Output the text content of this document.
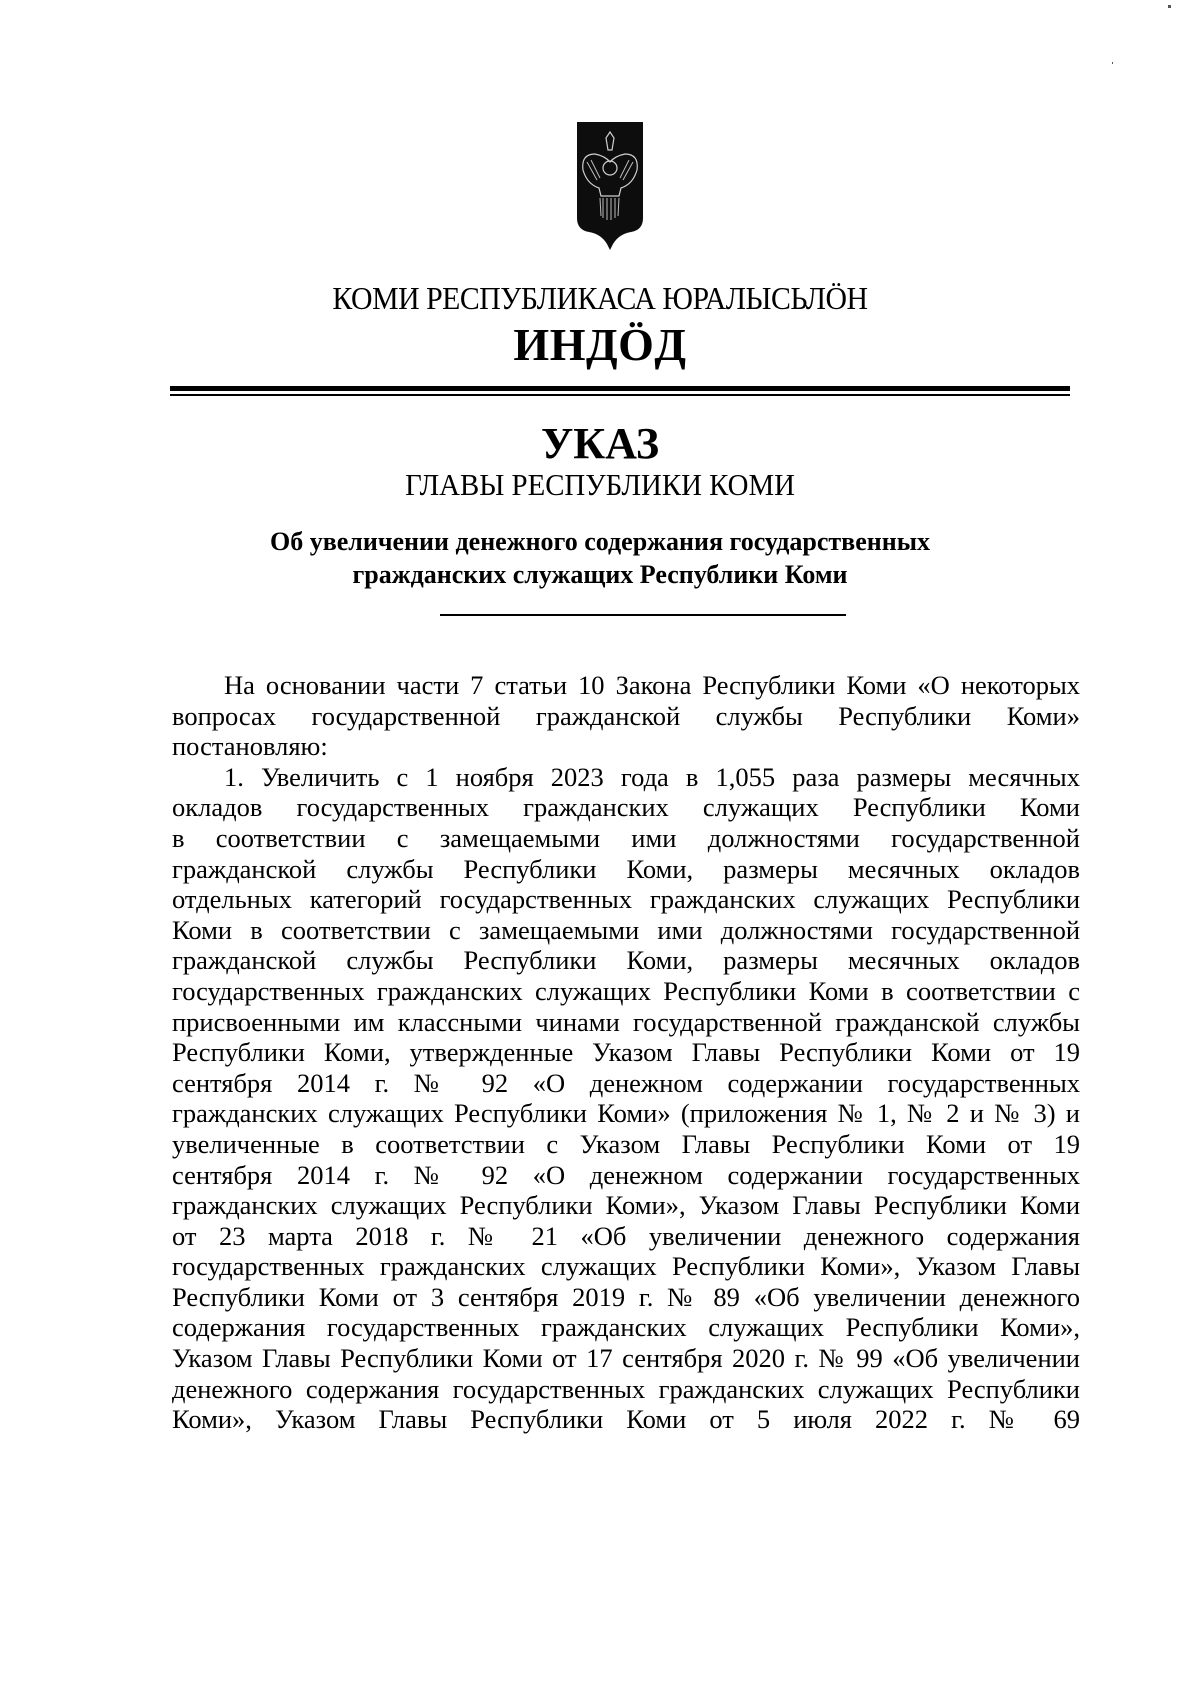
КОМИ РЕСПУБЛИКАСА ЮРАЛЫСЬЛӦН
ИНДӦД
УКАЗ
ГЛАВЫ РЕСПУБЛИКИ КОМИ
Об увеличении денежного содержания государственных
гражданских служащих Республики Коми
На основании части 7 статьи 10 Закона Республики Коми «О некоторых
вопросах государственной гражданской службы Республики Коми»
постановляю:
1. Увеличить с 1 ноября 2023 года в 1,055 раза размеры месячных
окладов государственных гражданских служащих Республики Коми
в соответствии с замещаемыми ими должностями государственной
гражданской службы Республики Коми, размеры месячных окладов
отдельных категорий государственных гражданских служащих Республики
Коми в соответствии с замещаемыми ими должностями государственной
гражданской службы Республики Коми, размеры месячных окладов
государственных гражданских служащих Республики Коми в соответствии с
присвоенными им классными чинами государственной гражданской службы
Республики Коми, утвержденные Указом Главы Республики Коми от 19
сентября 2014 г. № 92 «О денежном содержании государственных
гражданских служащих Республики Коми» (приложения № 1, № 2 и № 3) и
увеличенные в соответствии с Указом Главы Республики Коми от 19
сентября 2014 г. № 92 «О денежном содержании государственных
гражданских служащих Республики Коми», Указом Главы Республики Коми
от 23 марта 2018 г. № 21 «Об увеличении денежного содержания
государственных гражданских служащих Республики Коми», Указом Главы
Республики Коми от 3 сентября 2019 г. № 89 «Об увеличении денежного
содержания государственных гражданских служащих Республики Коми»,
Указом Главы Республики Коми от 17 сентября 2020 г. № 99 «Об увеличении
денежного содержания государственных гражданских служащих Республики
Коми», Указом Главы Республики Коми от 5 июля 2022 г. № 69
